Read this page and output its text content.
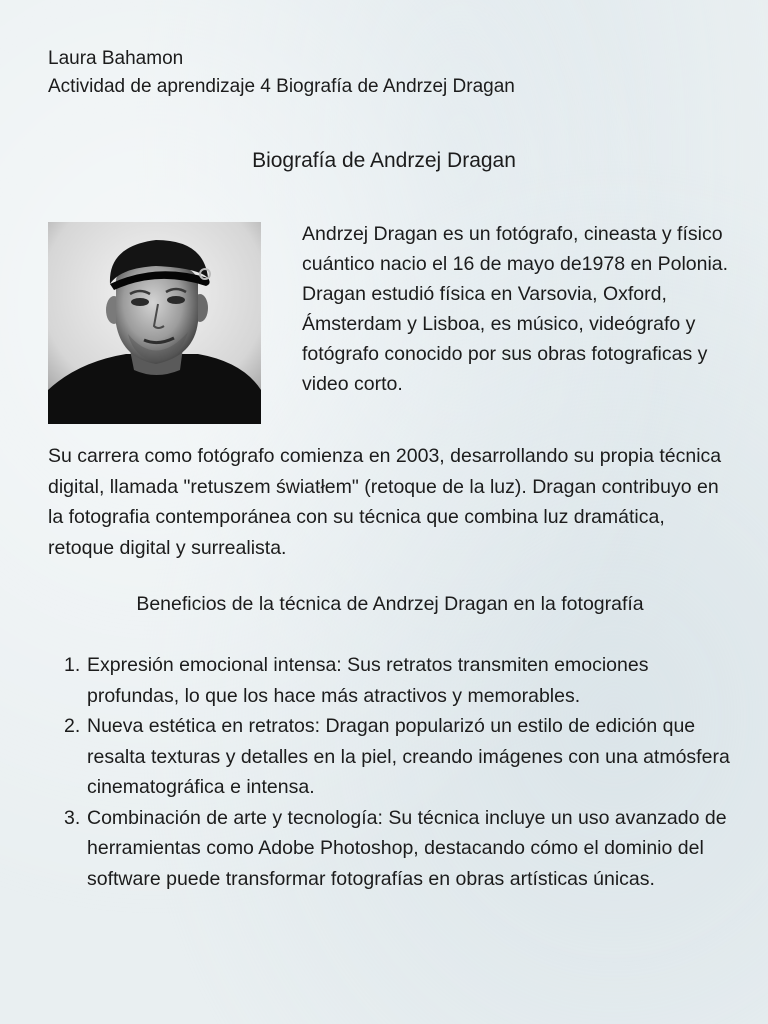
Laura Bahamon
Actividad de aprendizaje 4 Biografía de Andrzej Dragan
Biografía de Andrzej Dragan

Andrzej Dragan es un fotógrafo, cineasta y físico cuántico nacio el 16 de mayo de1978 en Polonia. Dragan estudió física en Varsovia, Oxford, Ámsterdam y Lisboa, es músico, videógrafo y fotógrafo conocido por sus obras fotograficas y video corto.

Su carrera como fotógrafo comienza en 2003, desarrollando su propia técnica digital, llamada "retuszem światłem" (retoque de la luz). Dragan contribuyo en la fotografia contemporánea con su técnica que combina luz dramática, retoque digital y surrealista.

Beneficios de la técnica de Andrzej Dragan en la fotografía
1. Expresión emocional intensa: Sus retratos transmiten emociones profundas, lo que los hace más atractivos y memorables.
2. Nueva estética en retratos: Dragan popularizó un estilo de edición que resalta texturas y detalles en la piel, creando imágenes con una atmósfera cinematográfica e intensa.
3. Combinación de arte y tecnología: Su técnica incluye un uso avanzado de herramientas como Adobe Photoshop, destacando cómo el dominio del software puede transformar fotografías en obras artísticas únicas.
